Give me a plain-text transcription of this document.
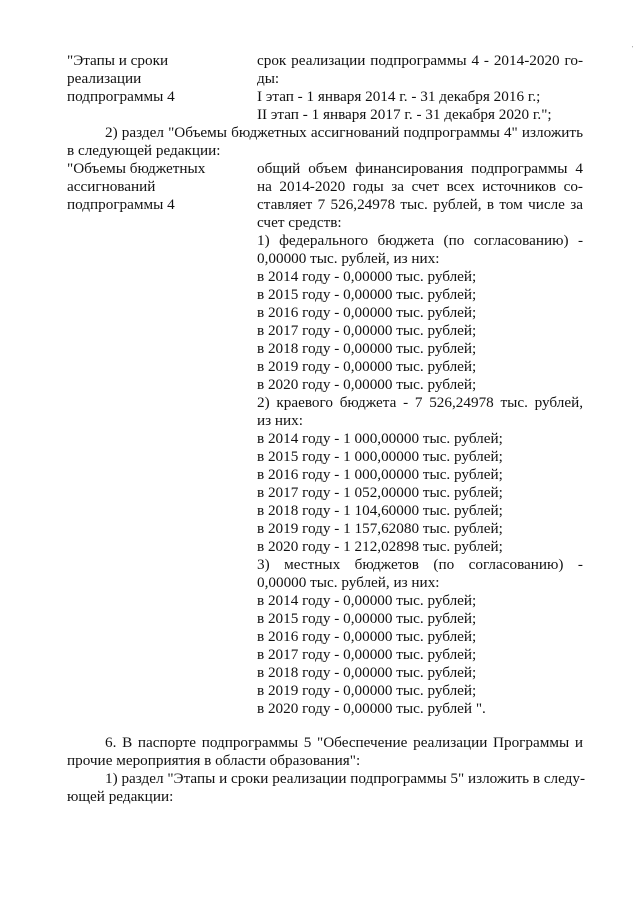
‧
"Этапы и сроки
реализации
подпрограммы 4
срок реализации подпрограммы 4 - 2014-2020 го-
ды:
I этап - 1 января 2014 г. - 31 декабря 2016 г.;
II этап - 1 января 2017 г. - 31 декабря 2020 г.";
2) раздел "Объемы бюджетных ассигнований подпрограммы 4" изложить
в следующей редакции:
"Объемы бюджетных
ассигнований
подпрограммы 4
общий объем финансирования подпрограммы 4
на 2014-2020 годы за счет всех источников со-
ставляет 7 526,24978 тыс. рублей, в том числе за
счет средств:
1) федерального бюджета (по согласованию) -
0,00000 тыс. рублей, из них:
в 2014 году - 0,00000 тыс. рублей;
в 2015 году - 0,00000 тыс. рублей;
в 2016 году - 0,00000 тыс. рублей;
в 2017 году - 0,00000 тыс. рублей;
в 2018 году - 0,00000 тыс. рублей;
в 2019 году - 0,00000 тыс. рублей;
в 2020 году - 0,00000 тыс. рублей;
2) краевого бюджета - 7 526,24978 тыс. рублей,
из них:
в 2014 году - 1 000,00000 тыс. рублей;
в 2015 году - 1 000,00000 тыс. рублей;
в 2016 году - 1 000,00000 тыс. рублей;
в 2017 году - 1 052,00000 тыс. рублей;
в 2018 году - 1 104,60000 тыс. рублей;
в 2019 году - 1 157,62080 тыс. рублей;
в 2020 году - 1 212,02898 тыс. рублей;
3) местных бюджетов (по согласованию) -
0,00000 тыс. рублей, из них:
в 2014 году - 0,00000 тыс. рублей;
в 2015 году - 0,00000 тыс. рублей;
в 2016 году - 0,00000 тыс. рублей;
в 2017 году - 0,00000 тыс. рублей;
в 2018 году - 0,00000 тыс. рублей;
в 2019 году - 0,00000 тыс. рублей;
в 2020 году - 0,00000 тыс. рублей ".
6. В паспорте подпрограммы 5 "Обеспечение реализации Программы и
прочие мероприятия в области образования":
1) раздел "Этапы и сроки реализации подпрограммы 5" изложить в следу-
ющей редакции:
